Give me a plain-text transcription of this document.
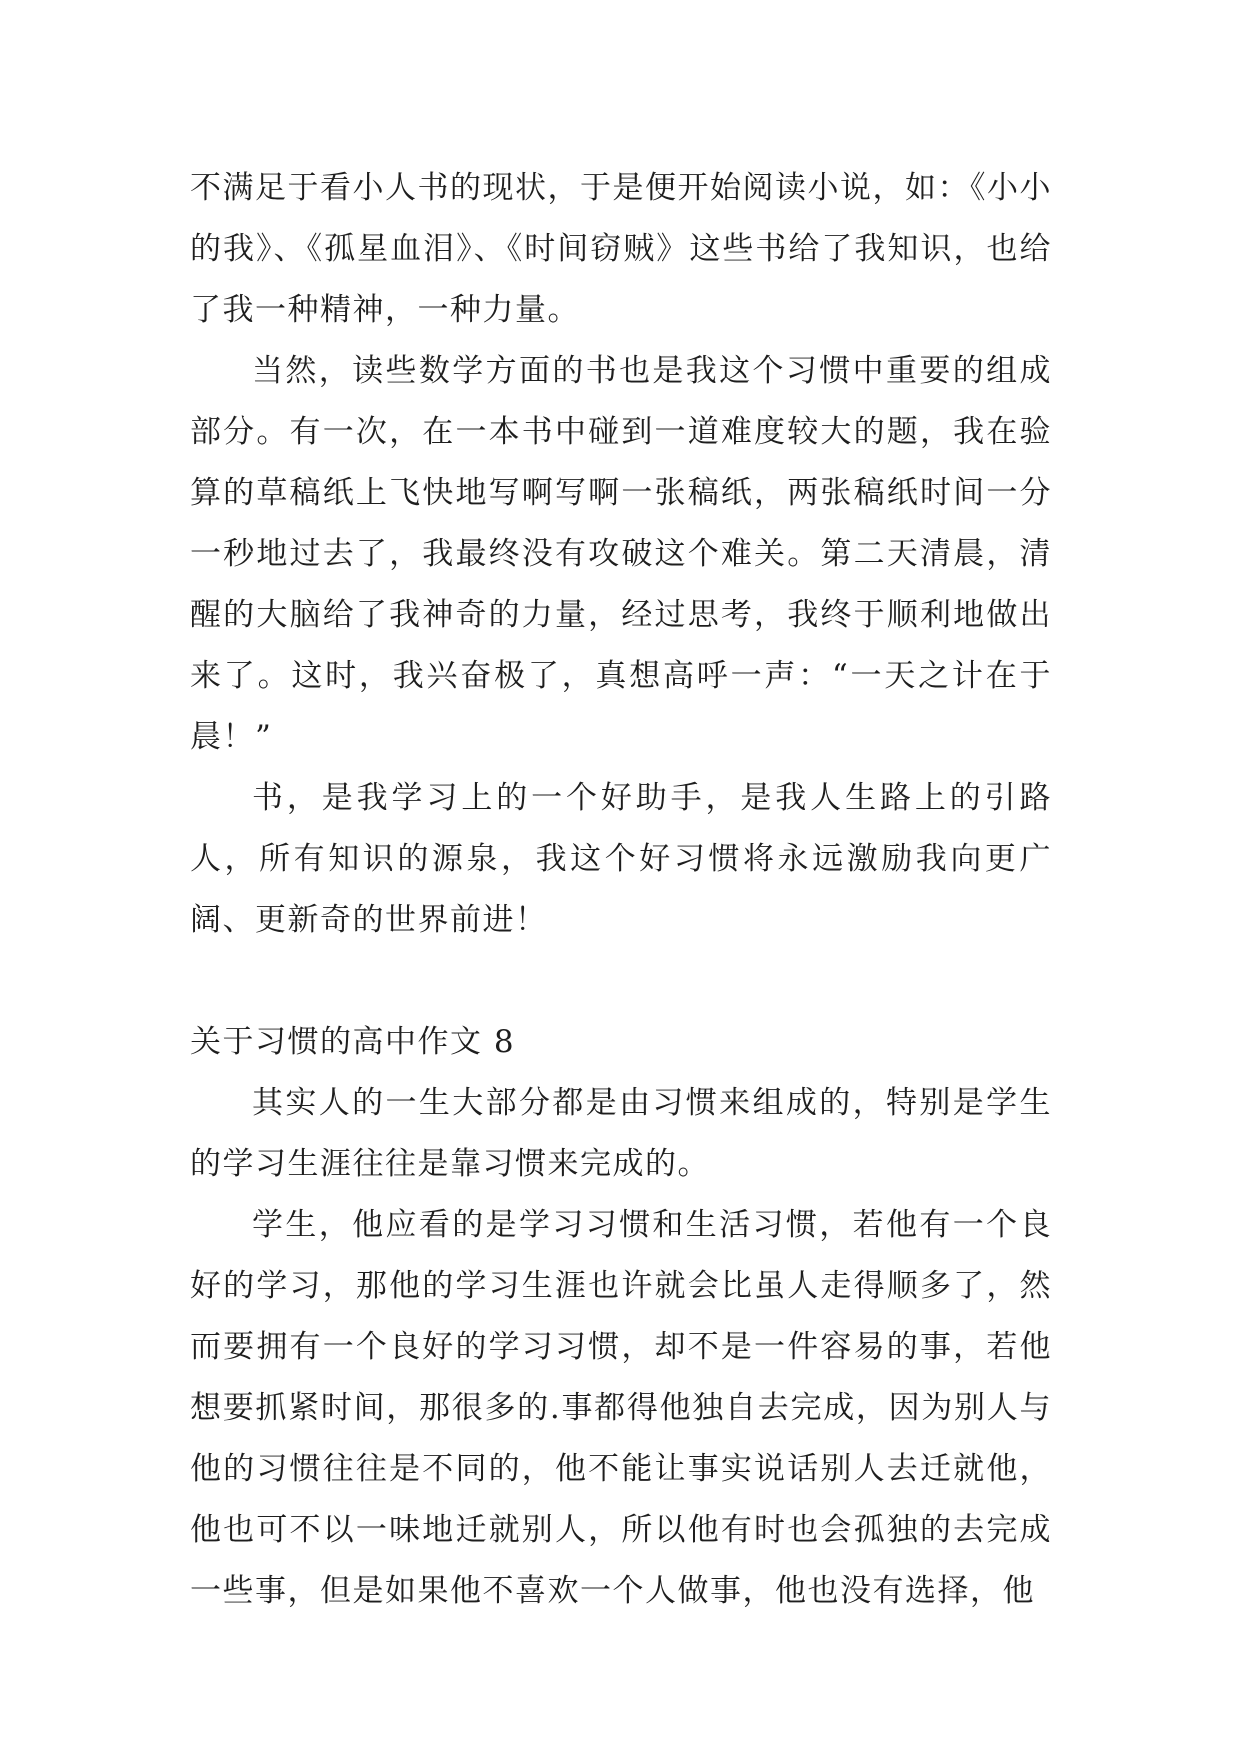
不满足于看小人书的现状，于是便开始阅读小说，如：《小小的我》、《孤星血泪》、《时间窃贼》这些书给了我知识，也给了我一种精神，一种力量。

当然，读些数学方面的书也是我这个习惯中重要的组成部分。有一次，在一本书中碰到一道难度较大的题，我在验算的草稿纸上飞快地写啊写啊一张稿纸，两张稿纸时间一分一秒地过去了，我最终没有攻破这个难关。第二天清晨，清醒的大脑给了我神奇的力量，经过思考，我终于顺利地做出来了。这时，我兴奋极了，真想高呼一声：“一天之计在于晨！”

书，是我学习上的一个好助手，是我人生路上的引路人，所有知识的源泉，我这个好习惯将永远激励我向更广阔、更新奇的世界前进！

关于习惯的高中作文 8

其实人的一生大部分都是由习惯来组成的，特别是学生的学习生涯往往是靠习惯来完成的。

学生，他应看的是学习习惯和生活习惯，若他有一个良好的学习，那他的学习生涯也许就会比虽人走得顺多了，然而要拥有一个良好的学习习惯，却不是一件容易的事，若他想要抓紧时间，那很多的.事都得他独自去完成，因为别人与他的习惯往往是不同的，他不能让事实说话别人去迁就他，他也可不以一味地迁就别人，所以他有时也会孤独的去完成一些事，但是如果他不喜欢一个人做事，他也没有选择，他
